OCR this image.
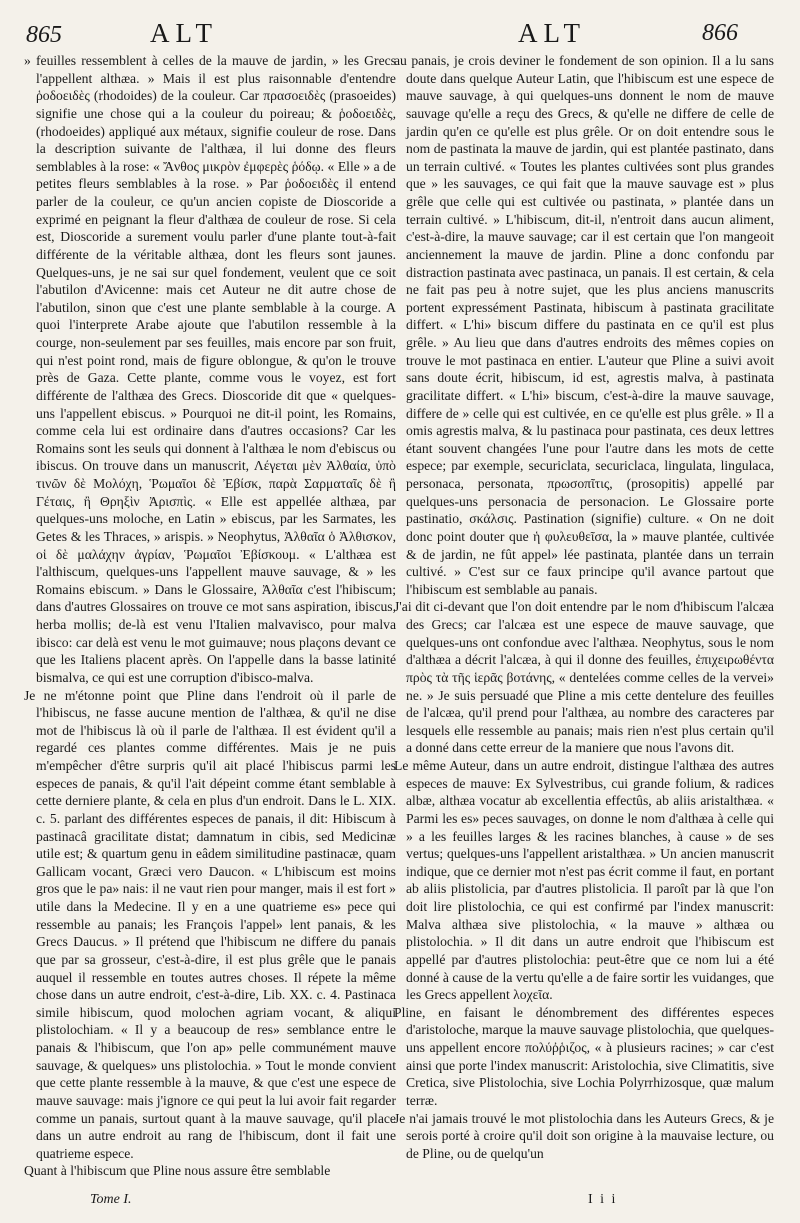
865	ALT	ALT	866

» feuilles ressemblent à celles de la mauve de jardin, » les Grecs l'appellent althæa. » Mais il est plus raisonnable d'entendre ῥοδοειδὲς (rhodoides) de la couleur. Car πρασοειδὲς (prasoeides) signifie une chose qui a la couleur du poireau; & ῥοδοειδὲς, (rhodoeides) appliqué aux métaux, signifie couleur de rose. Dans la description suivante de l'althæa, il lui donne des fleurs semblables à la rose: « Ἄνθος μικρὸν ἐμφερὲς ῥόδῳ. « Elle » a de petites fleurs semblables à la rose. » Par ῥοδοειδὲς il entend parler de la couleur, ce qu'un ancien copiste de Dioscoride a exprimé en peignant la fleur d'althæa de couleur de rose. Si cela est, Dioscoride a surement voulu parler d'une plante tout-à-fait différente de la véritable althæa, dont les fleurs sont jaunes. Quelques-uns, je ne sai sur quel fondement, veulent que ce soit l'abutilon d'Avicenne: mais cet Auteur ne dit autre chose de l'abutilon, sinon que c'est une plante semblable à la courge. A quoi l'interprete Arabe ajoute que l'abutilon ressemble à la courge, non-seulement par ses feuilles, mais encore par son fruit, qui n'est point rond, mais de figure oblongue, & qu'on le trouve près de Gaza. Cette plante, comme vous le voyez, est fort différente de l'althæa des Grecs. Dioscoride dit que « quelques-uns l'appellent ebiscus. » Pourquoi ne dit-il point, les Romains, comme cela lui est ordinaire dans d'autres occasions? Car les Romains sont les seuls qui donnent à l'althæa le nom d'ebiscus ou ibiscus. On trouve dans un manuscrit, Λέγεται μὲν Ἀλθαία, ὑπὸ τινῶν δὲ Μολόχη, Ῥωμαῖοι δὲ Ἐβίσκ, παρὰ Σαρματαῖς δὲ ἢ Γέταις, ἢ Θρηξὶν Ἀρισπὶς. « Elle est appellée althæa, par quelques-uns moloche, en Latin » ebiscus, par les Sarmates, les Getes & les Thraces, » arispis. » Neophytus, Ἀλθαῖα ὁ Ἀλθισκον, οἱ δὲ μαλάχην ἀγρίαν, Ῥωμαῖοι Ἐβίσκουμ. « L'althæa est l'althiscum, quelques-uns l'appellent mauve sauvage, & » les Romains ebiscum. » Dans le Glossaire, Ἀλθαῖα c'est l'hibiscum; dans d'autres Glossaires on trouve ce mot sans aspiration, ibiscus, herba mollis; de-là est venu l'Italien malvavisco, pour malva ibisco: car delà est venu le mot guimauve; nous plaçons devant ce que les Italiens placent après. On l'appelle dans la basse latinité bismalva, ce qui est une corruption d'ibisco-malva.

Je ne m'étonne point que Pline dans l'endroit où il parle de l'hibiscus, ne fasse aucune mention de l'althæa, & qu'il ne dise mot de l'hibiscus là où il parle de l'althæa. Il est évident qu'il a regardé ces plantes comme différentes. Mais je ne puis m'empêcher d'être surpris qu'il ait placé l'hibiscus parmi les especes de panais, & qu'il l'ait dépeint comme étant semblable à cette derniere plante, & cela en plus d'un endroit. Dans le L. XIX. c. 5. parlant des différentes especes de panais, il dit: Hibiscum à pastinacâ gracilitate distat; damnatum in cibis, sed Medicinæ utile est; & quartum genu in eâdem similitudine pastinacæ, quam Gallicam vocant, Græci vero Daucon. « L'hibiscum est moins gros que le pa» nais: il ne vaut rien pour manger, mais il est fort » utile dans la Medecine. Il y en a une quatrieme es» pece qui ressemble au panais; les François l'appel» lent panais, & les Grecs Daucus. » Il prétend que l'hibiscum ne differe du panais que par sa grosseur, c'est-à-dire, il est plus grêle que le panais auquel il ressemble en toutes autres choses. Il répete la même chose dans un autre endroit, c'est-à-dire, Lib. XX. c. 4. Pastinaca simile hibiscum, quod molochen agriam vocant, & aliqui plistolochiam. « Il y a beaucoup de res» semblance entre le panais & l'hibiscum, que l'on ap» pelle communément mauve sauvage, & quelques» uns plistolochia. » Tout le monde convient que cette plante ressemble à la mauve, & que c'est une espece de mauve sauvage: mais j'ignore ce qui peut la lui avoir fait regarder comme un panais, surtout quant à la mauve sauvage, qu'il place dans un autre endroit au rang de l'hibiscum, dont il fait une quatrieme espece.

Quant à l'hibiscum que Pline nous assure être semblable

au panais, je crois deviner le fondement de son opinion. Il a lu sans doute dans quelque Auteur Latin, que l'hibiscum est une espece de mauve sauvage, à qui quelques-uns donnent le nom de mauve sauvage qu'elle a reçu des Grecs, & qu'elle ne differe de celle de jardin qu'en ce qu'elle est plus grêle. Or on doit entendre sous le nom de pastinata la mauve de jardin, qui est plantée pastinato, dans un terrain cultivé. « Toutes les plantes cultivées sont plus grandes que » les sauvages, ce qui fait que la mauve sauvage est » plus grêle que celle qui est cultivée ou pastinata, » plantée dans un terrain cultivé. » L'hibiscum, dit-il, n'entroit dans aucun aliment, c'est-à-dire, la mauve sauvage; car il est certain que l'on mangeoit anciennement la mauve de jardin. Pline a donc confondu par distraction pastinata avec pastinaca, un panais. Il est certain, & cela ne fait pas peu à notre sujet, que les plus anciens manuscrits portent expressément Pastinata, hibiscum à pastinata gracilitate differt. « L'hi» biscum differe du pastinata en ce qu'il est plus grêle. » Au lieu que dans d'autres endroits des mêmes copies on trouve le mot pastinaca en entier. L'auteur que Pline a suivi avoit sans doute écrit, hibiscum, id est, agrestis malva, à pastinata gracilitate differt. « L'hi» biscum, c'est-à-dire la mauve sauvage, differe de » celle qui est cultivée, en ce qu'elle est plus grêle. » Il a omis agrestis malva, & lu pastinaca pour pastinata, ces deux lettres étant souvent changées l'une pour l'autre dans les mots de cette espece; par exemple, securiclata, securiclaca, lingulata, lingulaca, personaca, personata, πρωσοπῖτις, (prosopitis) appellé par quelques-uns personacia de personacion. Le Glossaire porte pastinatio, σκάλσις. Pastination (signifie) culture. « On ne doit donc point douter que ἡ φυλευθεῖσα, la » mauve plantée, cultivée & de jardin, ne fût appel» lée pastinata, plantée dans un terrain cultivé. » C'est sur ce faux principe qu'il avance partout que l'hibiscum est semblable au panais.

J'ai dit ci-devant que l'on doit entendre par le nom d'hibiscum l'alcæa des Grecs; car l'alcæa est une espece de mauve sauvage, que quelques-uns ont confondue avec l'althæa. Neophytus, sous le nom d'althæa a décrit l'alcæa, à qui il donne des feuilles, ἐπιχειρωθέντα πρὸς τὰ τῆς ἱερᾶς βοτάνης, « dentelées comme celles de la vervei» ne. » Je suis persuadé que Pline a mis cette dentelure des feuilles de l'alcæa, qu'il prend pour l'althæa, au nombre des caracteres par lesquels elle ressemble au panais; mais rien n'est plus certain qu'il a donné dans cette erreur de la maniere que nous l'avons dit.

Le même Auteur, dans un autre endroit, distingue l'althæa des autres especes de mauve: Ex Sylvestribus, cui grande folium, & radices albæ, althæa vocatur ab excellentia effectûs, ab aliis aristalthæa. « Parmi les es» peces sauvages, on donne le nom d'althæa à celle qui » a les feuilles larges & les racines blanches, à cause » de ses vertus; quelques-uns l'appellent aristalthæa. » Un ancien manuscrit indique, que ce dernier mot n'est pas écrit comme il faut, en portant ab aliis plistolicia, par d'autres plistolicia. Il paroît par là que l'on doit lire plistolochia, ce qui est confirmé par l'index manuscrit: Malva althæa sive plistolochia, « la mauve » althæa ou plistolochia. » Il dit dans un autre endroit que l'hibiscum est appellé par d'autres plistolochia: peut-être que ce nom lui a été donné à cause de la vertu qu'elle a de faire sortir les vuidanges, que les Grecs appellent λοχεῖα.

Pline, en faisant le dénombrement des différentes especes d'aristoloche, marque la mauve sauvage plistolochia, que quelques-uns appellent encore πολύῤῥιζος, « à plusieurs racines; » car c'est ainsi que porte l'index manuscrit: Aristolochia, sive Climatitis, sive Cretica, sive Plistolochia, sive Lochia Polyrrhizosque, quæ malum terræ.

Je n'ai jamais trouvé le mot plistolochia dans les Auteurs Grecs, & je serois porté à croire qu'il doit son origine à la mauvaise lecture, ou de Pline, ou de quelqu'un

Tome I.	I i i
